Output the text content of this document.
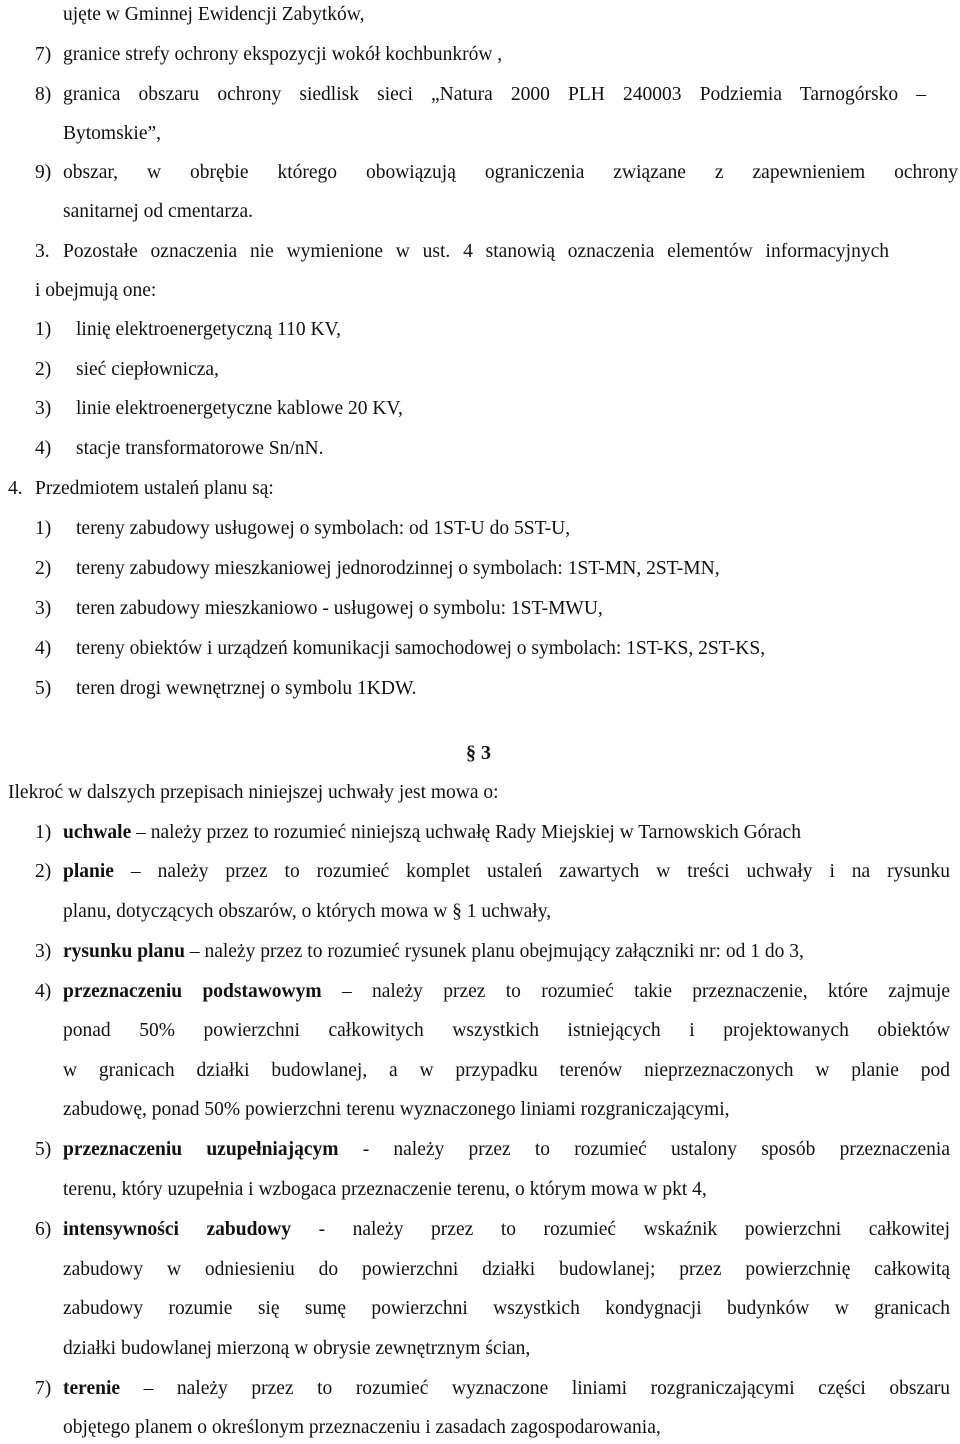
ujęte w Gminnej Ewidencji Zabytków,
7) granice strefy ochrony ekspozycji wokół kochbunkrów ,
8) granica obszaru ochrony siedlisk sieci „Natura 2000 PLH 240003 Podziemia Tarnogórsko –
Bytomskie”,
9) obszar, w obrębie którego obowiązują ograniczenia związane z zapewnieniem ochrony
sanitarnej od cmentarza.
3. Pozostałe oznaczenia nie wymienione w ust. 4 stanowią oznaczenia elementów informacyjnych
i obejmują one:
1) linię elektroenergetyczną 110 KV,
2) sieć ciepłownicza,
3) linie elektroenergetyczne kablowe 20 KV,
4) stacje transformatorowe Sn/nN.
4. Przedmiotem ustaleń planu są:
1) tereny zabudowy usługowej o symbolach: od 1ST-U do 5ST-U,
2) tereny zabudowy mieszkaniowej jednorodzinnej o symbolach: 1ST-MN, 2ST-MN,
3) teren zabudowy mieszkaniowo - usługowej o symbolu: 1ST-MWU,
4) tereny obiektów i urządzeń komunikacji samochodowej o symbolach: 1ST-KS, 2ST-KS,
5) teren drogi wewnętrznej o symbolu 1KDW.
§ 3
Ilekroć w dalszych przepisach niniejszej uchwały jest mowa o:
1) uchwale – należy przez to rozumieć niniejszą uchwałę Rady Miejskiej w Tarnowskich Górach
2) planie – należy przez to rozumieć komplet ustaleń zawartych w treści uchwały i na rysunku
planu, dotyczących obszarów, o których mowa w § 1 uchwały,
3) rysunku planu – należy przez to rozumieć rysunek planu obejmujący załączniki nr: od 1 do 3,
4) przeznaczeniu podstawowym – należy przez to rozumieć takie przeznaczenie, które zajmuje
ponad 50% powierzchni całkowitych wszystkich istniejących i projektowanych obiektów
w granicach działki budowlanej, a w przypadku terenów nieprzeznaczonych w planie pod
zabudowę, ponad 50% powierzchni terenu wyznaczonego liniami rozgraniczającymi,
5) przeznaczeniu uzupełniającym - należy przez to rozumieć ustalony sposób przeznaczenia
terenu, który uzupełnia i wzbogaca przeznaczenie terenu, o którym mowa w pkt 4,
6) intensywności zabudowy - należy przez to rozumieć wskaźnik powierzchni całkowitej
zabudowy w odniesieniu do powierzchni działki budowlanej; przez powierzchnię całkowitą
zabudowy rozumie się sumę powierzchni wszystkich kondygnacji budynków w granicach
działki budowlanej mierzoną w obrysie zewnętrznym ścian,
7) terenie – należy przez to rozumieć wyznaczone liniami rozgraniczającymi części obszaru
objętego planem o określonym przeznaczeniu i zasadach zagospodarowania,
